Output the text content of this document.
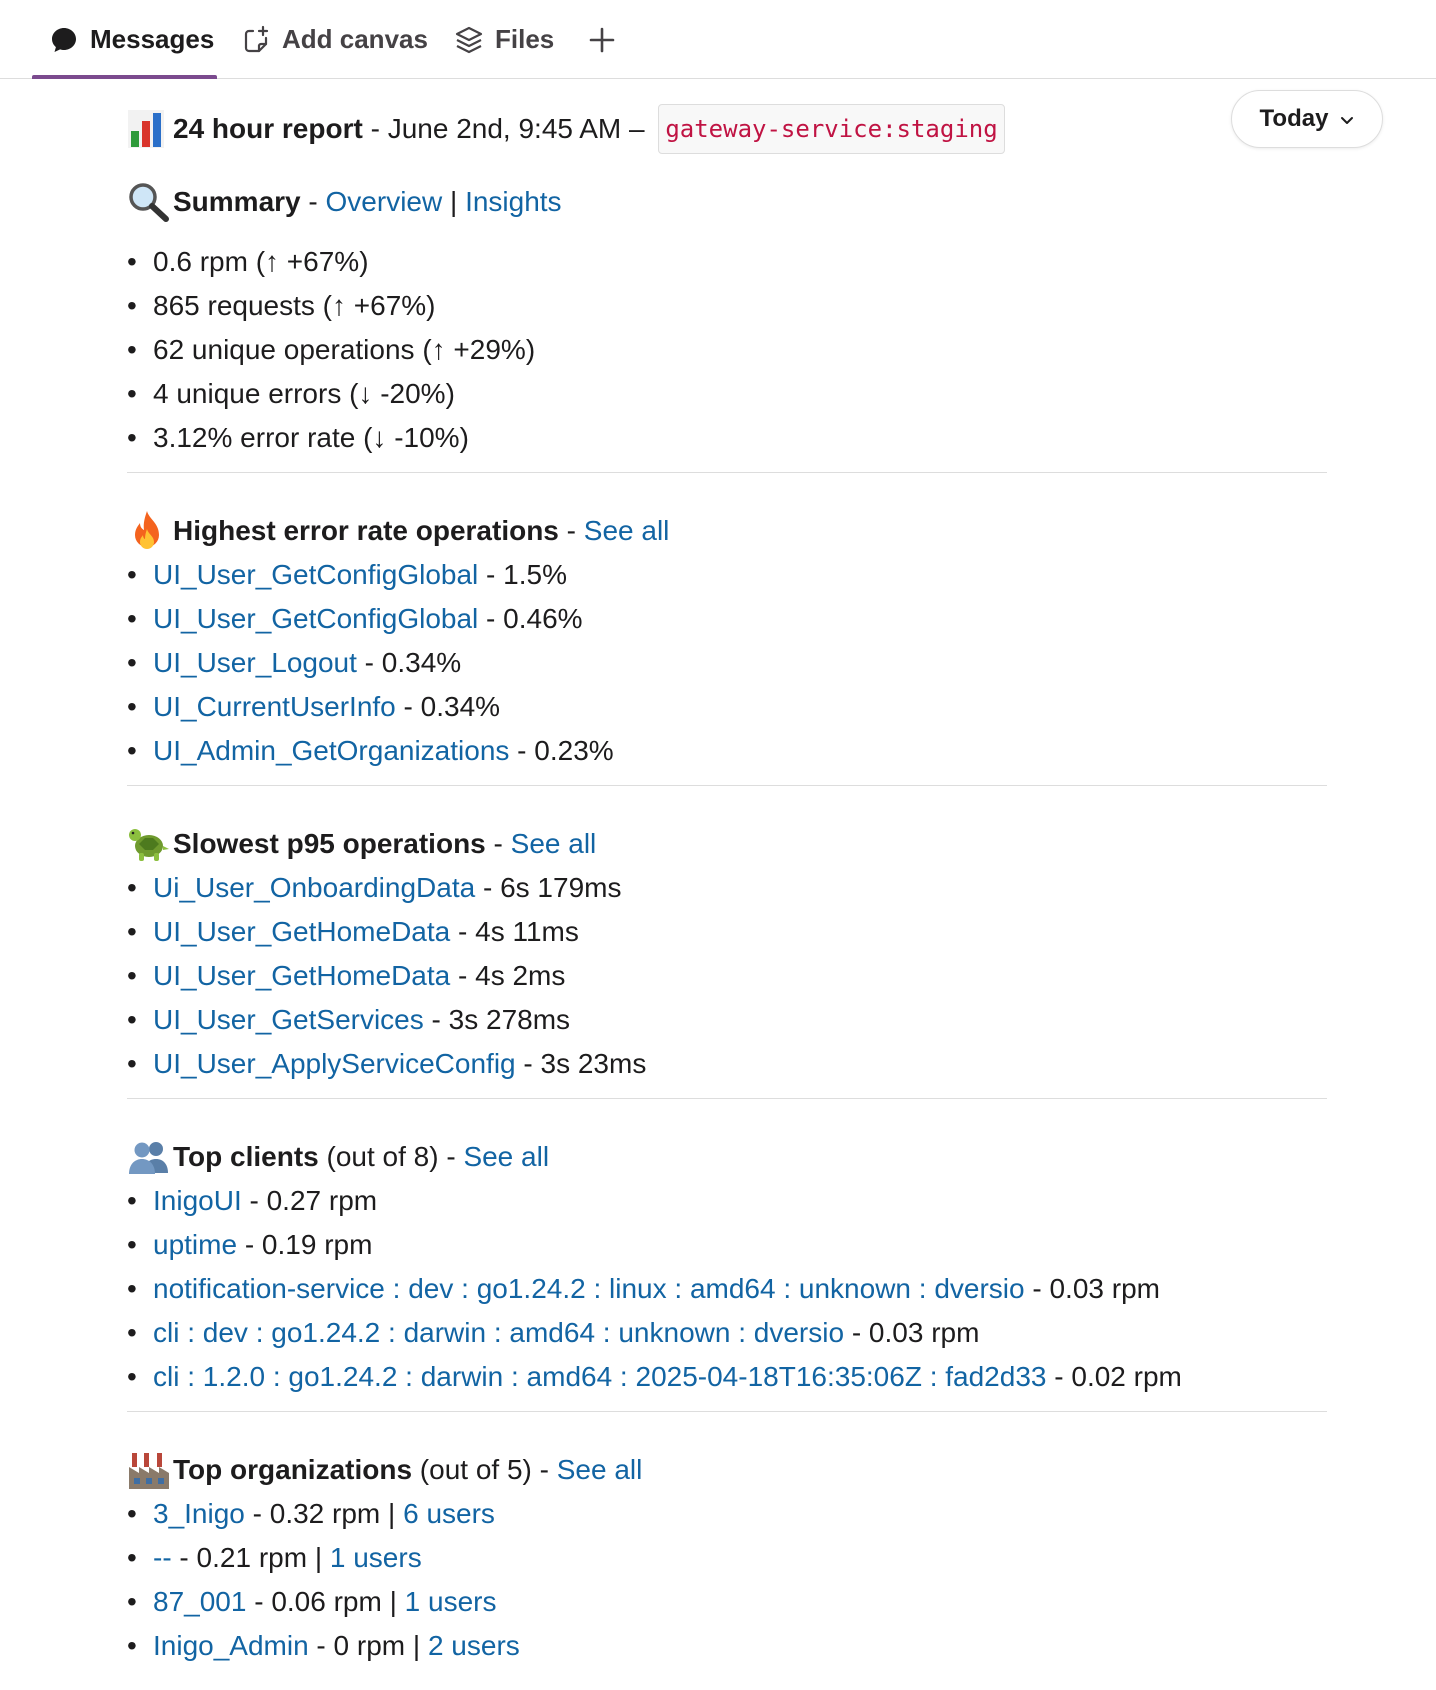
Messages	Add canvas	Files
Today
24 hour report - June 2nd, 9:45 AM – gateway-service:staging
Summary - Overview | Insights
• 0.6 rpm (↑ +67%)
• 865 requests (↑ +67%)
• 62 unique operations (↑ +29%)
• 4 unique errors (↓ -20%)
• 3.12% error rate (↓ -10%)
Highest error rate operations - See all
• UI_User_GetConfigGlobal - 1.5%
• UI_User_GetConfigGlobal - 0.46%
• UI_User_Logout - 0.34%
• UI_CurrentUserInfo - 0.34%
• UI_Admin_GetOrganizations - 0.23%
Slowest p95 operations - See all
• Ui_User_OnboardingData - 6s 179ms
• UI_User_GetHomeData - 4s 11ms
• UI_User_GetHomeData - 4s 2ms
• UI_User_GetServices - 3s 278ms
• UI_User_ApplyServiceConfig - 3s 23ms
Top clients (out of 8) - See all
• InigoUI - 0.27 rpm
• uptime - 0.19 rpm
• notification-service : dev : go1.24.2 : linux : amd64 : unknown : dversio - 0.03 rpm
• cli : dev : go1.24.2 : darwin : amd64 : unknown : dversio - 0.03 rpm
• cli : 1.2.0 : go1.24.2 : darwin : amd64 : 2025-04-18T16:35:06Z : fad2d33 - 0.02 rpm
Top organizations (out of 5) - See all
• 3_Inigo - 0.32 rpm | 6 users
• -- - 0.21 rpm | 1 users
• 87_001 - 0.06 rpm | 1 users
• Inigo_Admin - 0 rpm | 2 users
